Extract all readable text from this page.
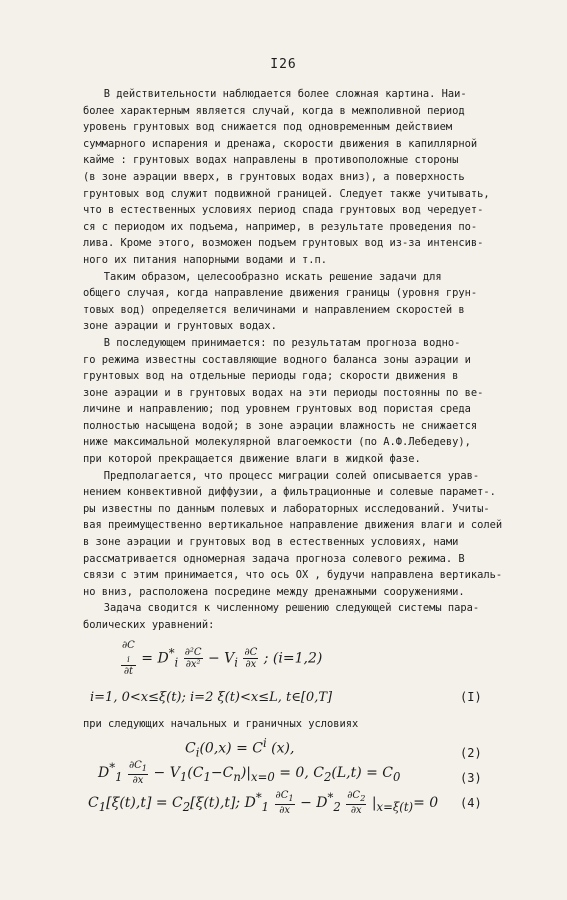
I26

В действительности наблюдается более сложная картина. Наи-
более характерным является случай, когда в межполивной период
уровень грунтовых вод снижается под одновременным действием
суммарного испарения и дренажа, скорости движения в капиллярной
кайме : грунтовых водах направлены в противоположные стороны
(в зоне аэрации вверх, в грунтовых водах вниз), а поверхность
грунтовых вод служит подвижной границей. Следует также учитывать,
что в естественных условиях период спада грунтовых вод чередует-
ся с периодом их подъема, например, в результате проведения по-
лива. Кроме этого, возможен подъем грунтовых вод из-за интенсив-
ного их питания напорными водами и т.п.

Таким образом, целесообразно искать решение задачи для
общего случая, когда направление движения границы (уровня грун-
товых вод) определяется величинами и направлением скоростей в
зоне аэрации и грунтовых водах.

В последующем принимается: по результатам прогноза водно-
го режима известны составляющие водного баланса зоны аэрации и
грунтовых вод на отдельные периоды года; скорости движения в
зоне аэрации и в грунтовых водах на эти периоды постоянны по ве-
личине и направлению; под уровнем грунтовых вод пористая среда
полностью насыщена водой; в зоне аэрации влажность не снижается
ниже максимальной молекулярной влагоемкости (по А.Ф.Лебедеву),
при которой прекращается движение влаги в жидкой фазе.

Предполагается, что процесс миграции солей описывается урав-
нением конвективной диффузии, а фильтрационные и солевые парамет-.
ры известны по данным полевых и лабораторных исследований. Учиты-
вая преимущественно вертикальное направление движения влаги и солей
в зоне аэрации и грунтовых вод в естественных условиях, нами
рассматривается одномерная задача прогноза солевого режима. В
связи с этим принимается, что ось ОХ , будучи направлена вертикаль-
но вниз, расположена посредине между дренажными сооружениями.

Задача сводится к численному решению следующей системы пара-
болических уравнений:

∂C
$_i$
$\partial t = D^*_i \frac{\text{∂²C}}{\text{∂x²}} - V_i \frac{\partial C}{\partial x}$ ; (i=1,2)
(I)
i=1, 0<x≤ξ(t); i=2 ξ(t)<x≤L, t∈[0,T]
при следующих начальных и граничных условиях
$C_i(0,x) = C^i$ (x),	(2)
$D^*_1 \frac{\partial C_1}{\partial x} - V_1(C_1-C_n)|_{x=0} = 0$, $C_2(L,t) = C_0$	(3)
$C_1[\xi(t),t] = C_2[\xi(t),t]$; $D^*_1 \frac{\partial C_1}{\partial x} - D^*_2 \frac{\partial C_2}{\partial x} |_{x=\xi(t)}= 0$ (4)
